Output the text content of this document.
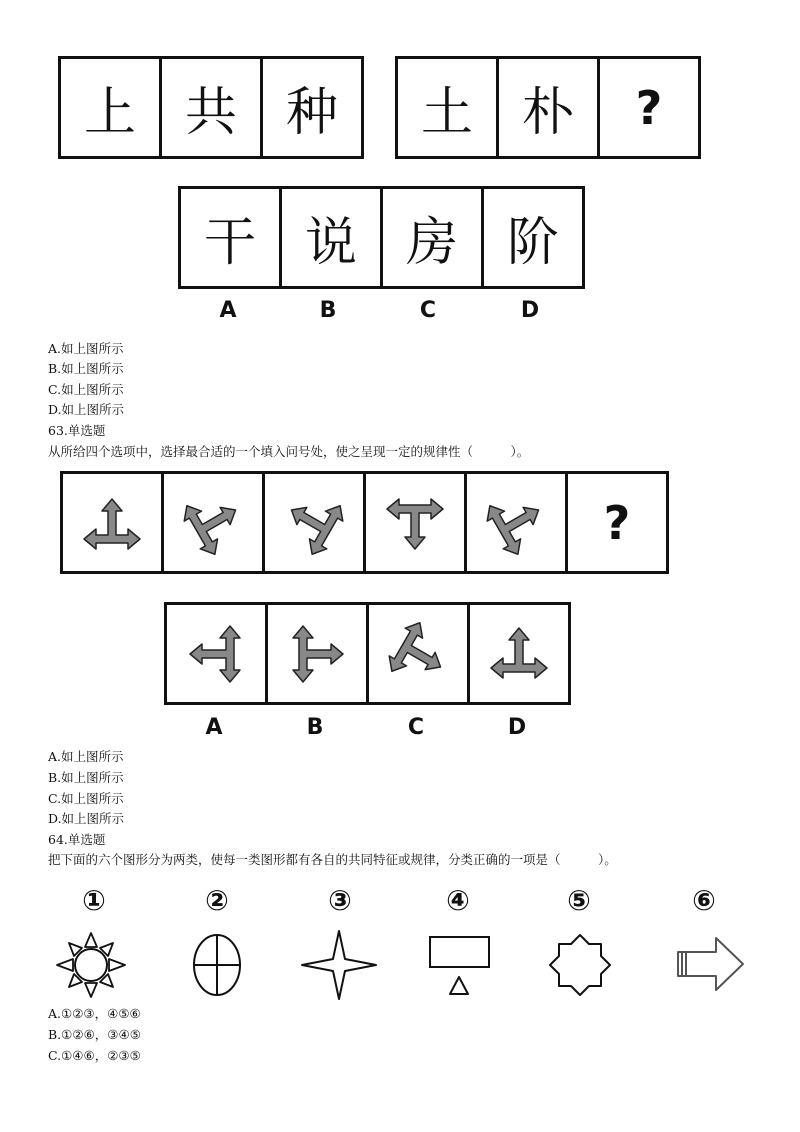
上 共 种 土 朴 ?
干 说 房 阶
A	B	C	D
A.如上图所示
B.如上图所示
C.如上图所示
D.如上图所示
63.单选题
从所给四个选项中，选择最合适的一个填入问号处，使之呈现一定的规律性（　　　）。
?
A	B	C	D
A.如上图所示
B.如上图所示
C.如上图所示
D.如上图所示
64.单选题
把下面的六个图形分为两类，使每一类图形都有各自的共同特征或规律，分类正确的一项是（　　　）。
①	②	③	④	⑤	⑥
A.①②③，④⑤⑥
B.①②⑥，③④⑤
C.①④⑥，②③⑤
